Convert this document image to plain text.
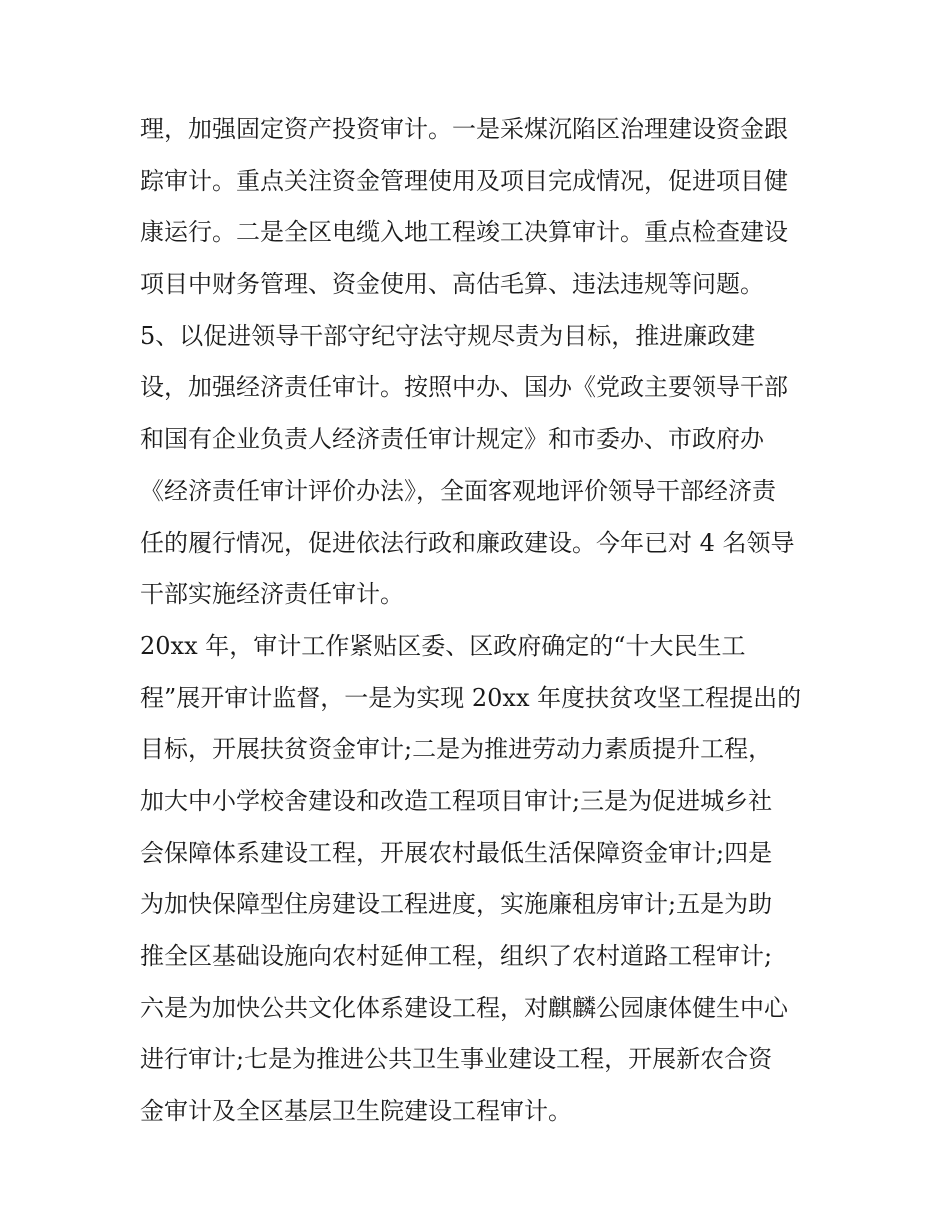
理，加强固定资产投资审计。一是采煤沉陷区治理建设资金跟

踪审计。重点关注资金管理使用及项目完成情况，促进项目健

康运行。二是全区电缆入地工程竣工决算审计。重点检查建设

项目中财务管理、资金使用、高估毛算、违法违规等问题。

5、以促进领导干部守纪守法守规尽责为目标，推进廉政建

设，加强经济责任审计。按照中办、国办《党政主要领导干部

和国有企业负责人经济责任审计规定》和市委办、市政府办

《经济责任审计评价办法》，全面客观地评价领导干部经济责

任的履行情况，促进依法行政和廉政建设。今年已对 4 名领导

干部实施经济责任审计。

20xx 年，审计工作紧贴区委、区政府确定的“十大民生工

程”展开审计监督，一是为实现 20xx 年度扶贫攻坚工程提出的

目标，开展扶贫资金审计;二是为推进劳动力素质提升工程，

加大中小学校舍建设和改造工程项目审计;三是为促进城乡社

会保障体系建设工程，开展农村最低生活保障资金审计;四是

为加快保障型住房建设工程进度，实施廉租房审计;五是为助

推全区基础设施向农村延伸工程，组织了农村道路工程审计;

六是为加快公共文化体系建设工程，对麒麟公园康体健生中心

进行审计;七是为推进公共卫生事业建设工程，开展新农合资

金审计及全区基层卫生院建设工程审计。
